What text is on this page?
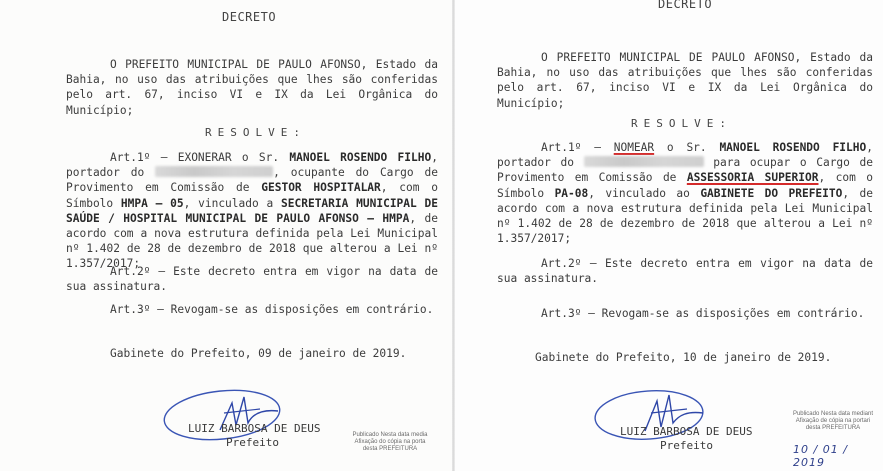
DECRETO

O PREFEITO MUNICIPAL DE PAULO AFONSO, Estado da Bahia, no uso das atribuições que lhes são conferidas pelo art. 67, inciso VI e IX da Lei Orgânica do Município;

RESOLVE:

Art.1º – EXONERAR o Sr. MANOEL ROSENDO FILHO, portador do	, ocupante do Cargo de Provimento em Comissão de GESTOR HOSPITALAR, com o Símbolo HMPA – 05, vinculado a SECRETARIA MUNICIPAL DE SAÚDE / HOSPITAL MUNICIPAL DE PAULO AFONSO – HMPA, de acordo com a nova estrutura definida pela Lei Municipal nº 1.402 de 28 de dezembro de 2018 que alterou a Lei nº 1.357/2017;

Art.2º – Este decreto entra em vigor na data de sua assinatura.

Art.3º – Revogam-se as disposições em contrário.

Gabinete do Prefeito, 09 de janeiro de 2019.

LUIZ BARBOSA DE DEUS
Prefeito
Publicado Nesta data media
Afixação do cópia na porta
desta PREFEITURA
DECRETO

O PREFEITO MUNICIPAL DE PAULO AFONSO, Estado da Bahia, no uso das atribuições que lhes são conferidas pelo art. 67, inciso VI e IX da Lei Orgânica do Município;

RESOLVE:

Art.1º – NOMEAR o Sr. MANOEL ROSENDO FILHO, portador do	para ocupar o Cargo de Provimento em Comissão de ASSESSORIA SUPERIOR, com o Símbolo PA-08, vinculado ao GABINETE DO PREFEITO, de acordo com a nova estrutura definida pela Lei Municipal nº 1.402 de 28 de dezembro de 2018 que alterou a Lei nº 1.357/2017;

Art.2º – Este decreto entra em vigor na data de sua assinatura.

Art.3º – Revogam-se as disposições em contrário.

Gabinete do Prefeito, 10 de janeiro de 2019.

LUIZ BARBOSA DE DEUS
Prefeito
Publicado Nesta data mediant
Afixação de cópia na portari
desta PREFEITURA
10 / 01 / 2019
